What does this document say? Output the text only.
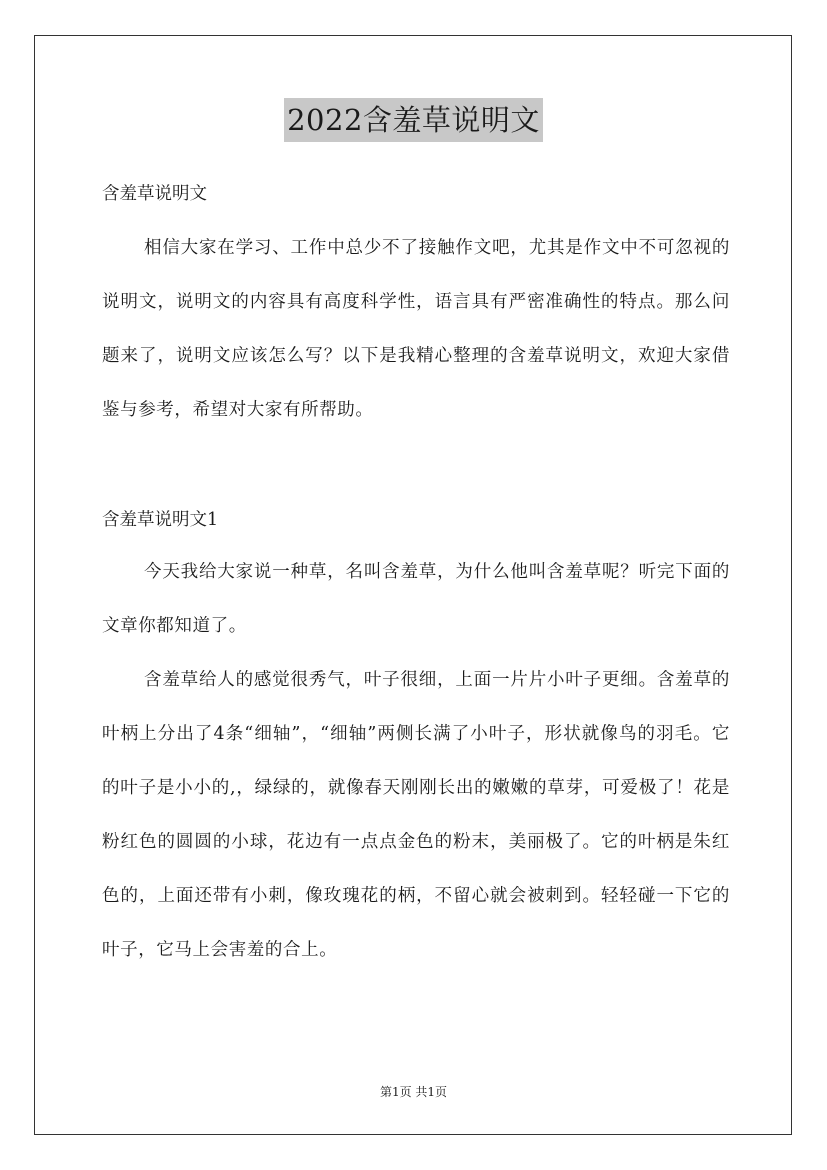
2022含羞草说明文

含羞草说明文

相信大家在学习、工作中总少不了接触作文吧，尤其是作文中不可忽视的说明文，说明文的内容具有高度科学性，语言具有严密准确性的特点。那么问题来了，说明文应该怎么写？以下是我精心整理的含羞草说明文，欢迎大家借鉴与参考，希望对大家有所帮助。

含羞草说明文1

今天我给大家说一种草，名叫含羞草，为什么他叫含羞草呢？听完下面的文章你都知道了。

含羞草给人的感觉很秀气，叶子很细，上面一片片小叶子更细。含羞草的叶柄上分出了4条“细轴”，“细轴”两侧长满了小叶子，形状就像鸟的羽毛。它的叶子是小小的,，绿绿的，就像春天刚刚长出的嫩嫩的草芽，可爱极了！花是粉红色的圆圆的小球，花边有一点点金色的粉末，美丽极了。它的叶柄是朱红色的，上面还带有小刺，像玫瑰花的柄，不留心就会被刺到。轻轻碰一下它的叶子，它马上会害羞的合上。

第1页 共1页
